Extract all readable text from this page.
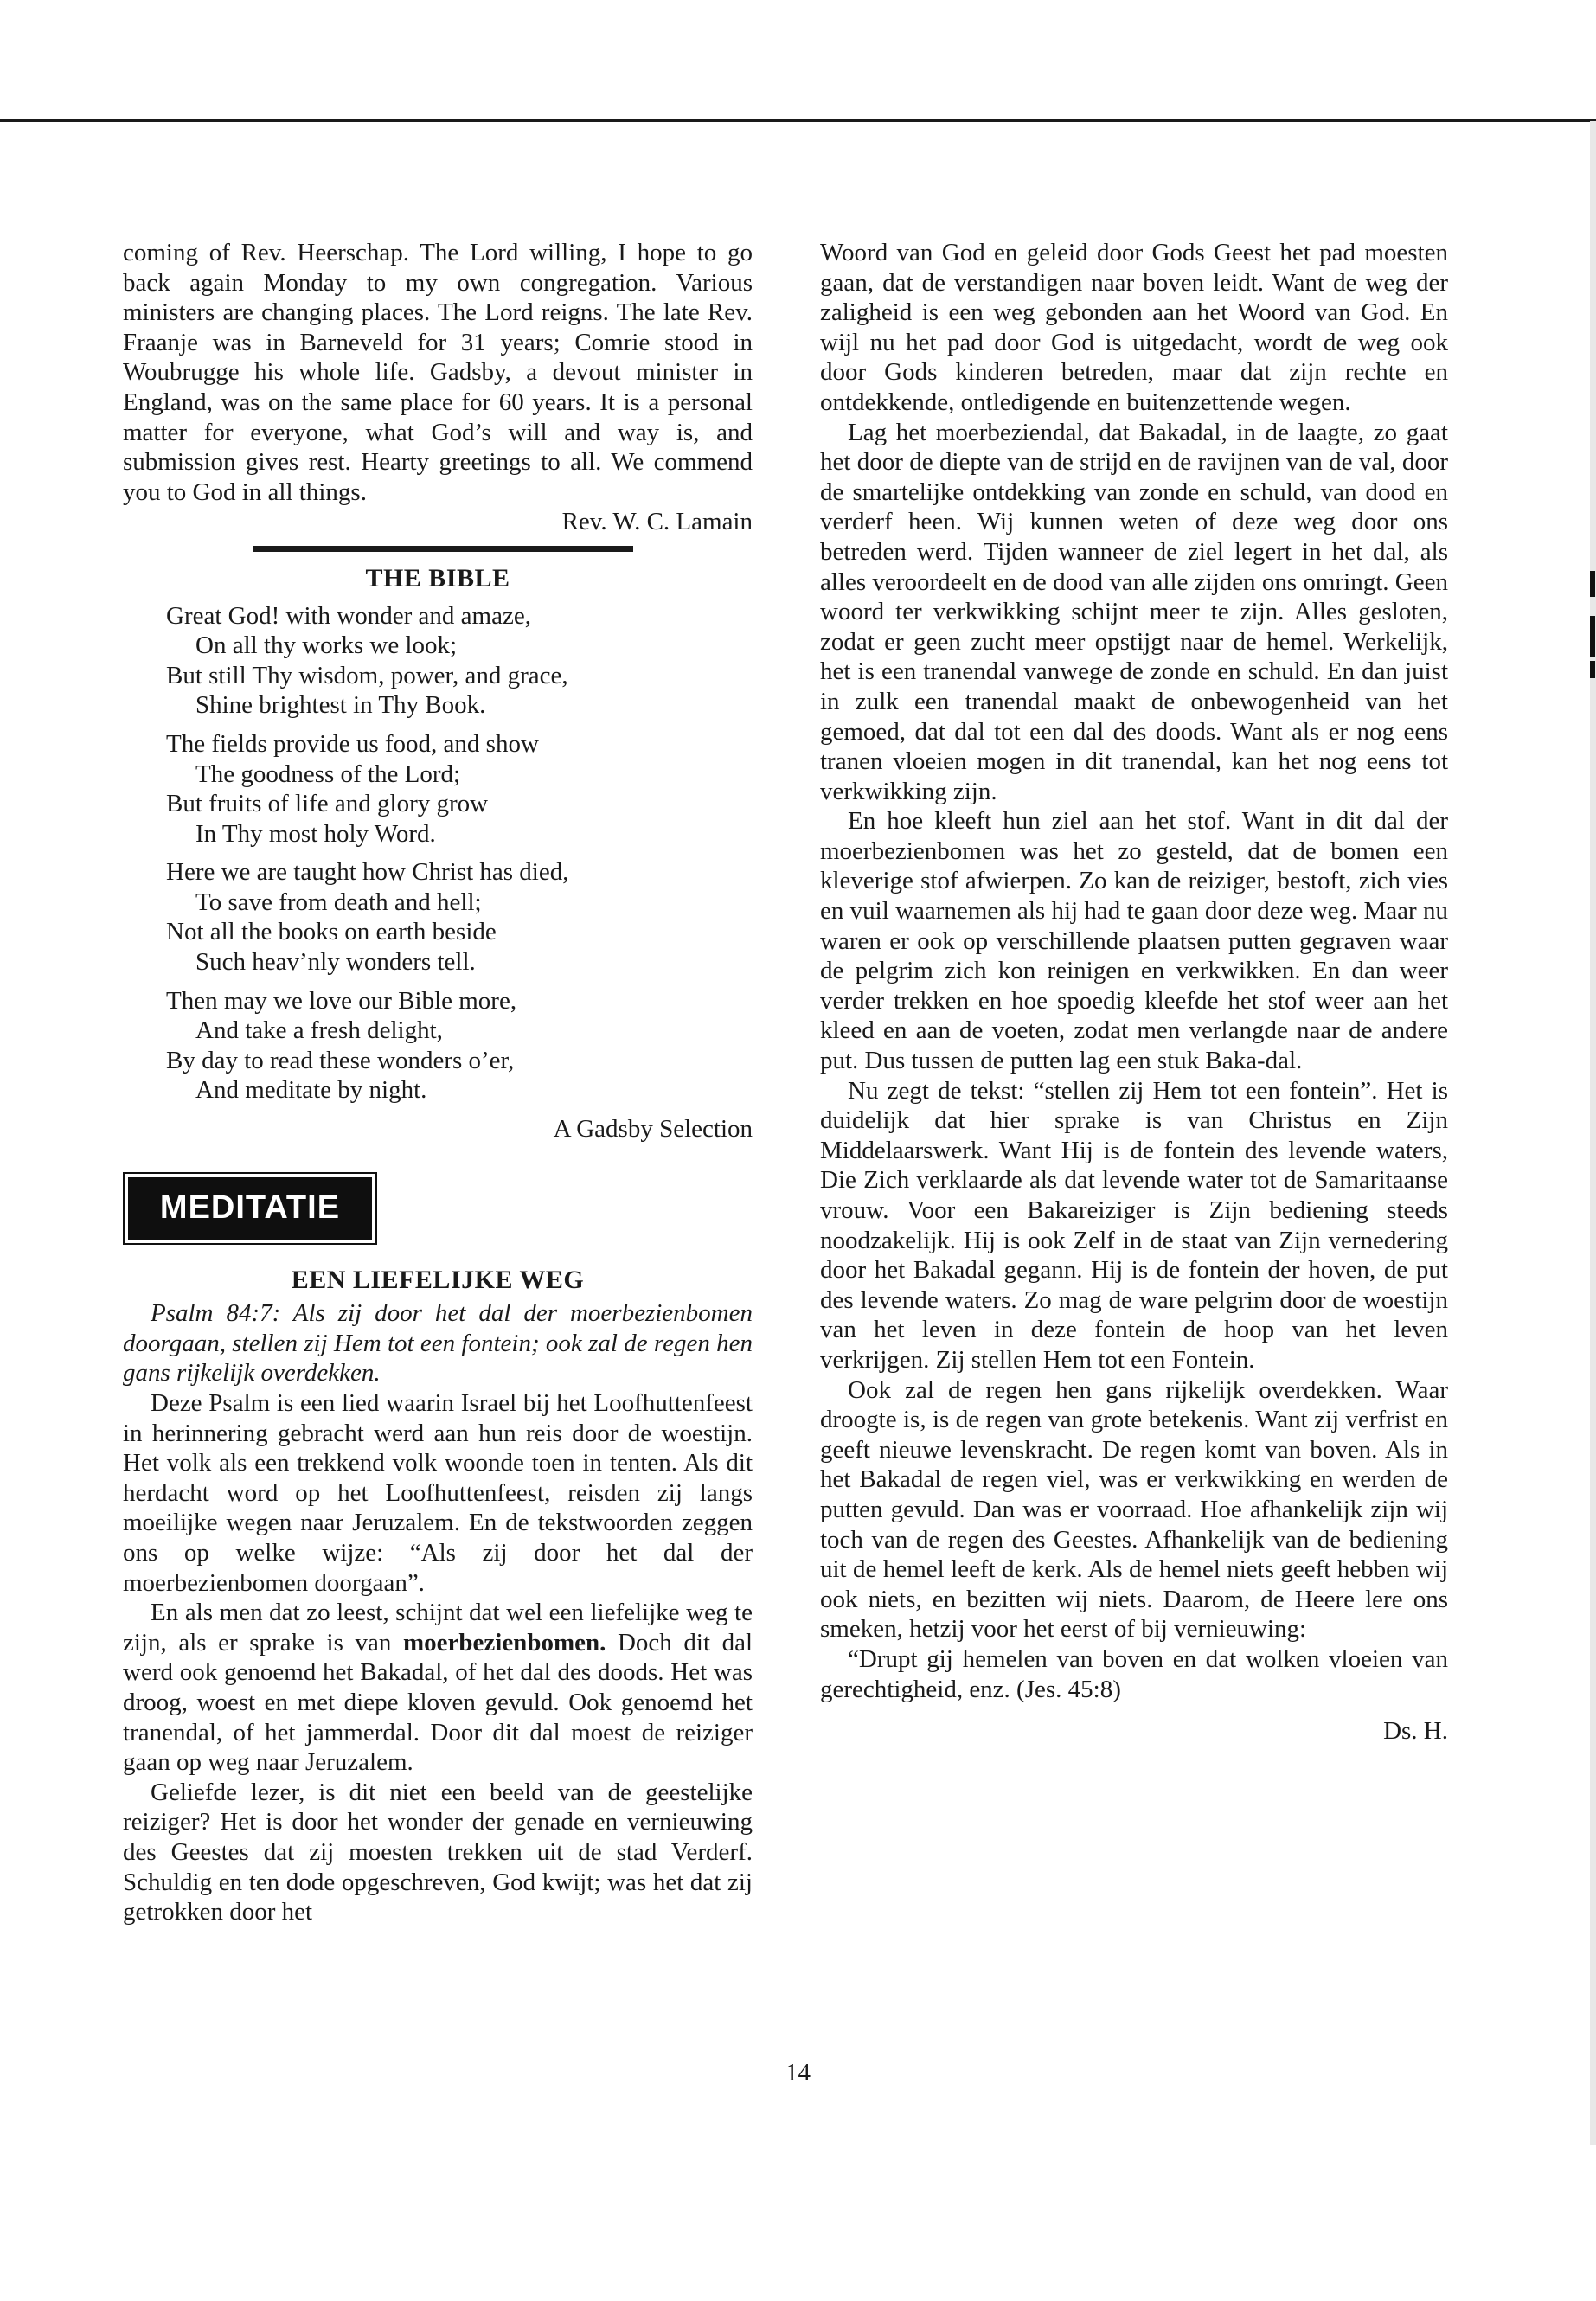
coming of Rev. Heerschap. The Lord willing, I hope to go back again Monday to my own congregation. Various ministers are changing places. The Lord reigns. The late Rev. Fraanje was in Barneveld for 31 years; Comrie stood in Woubrugge his whole life. Gadsby, a devout minister in England, was on the same place for 60 years. It is a personal matter for everyone, what God’s will and way is, and submission gives rest. Hearty greetings to all. We commend you to God in all things.

Rev. W. C. Lamain

THE BIBLE
Great God! with wonder and amaze,
On all thy works we look;
But still Thy wisdom, power, and grace,
Shine brightest in Thy Book.
The fields provide us food, and show
The goodness of the Lord;
But fruits of life and glory grow
In Thy most holy Word.
Here we are taught how Christ has died,
To save from death and hell;
Not all the books on earth beside
Such heav’nly wonders tell.
Then may we love our Bible more,
And take a fresh delight,
By day to read these wonders o’er,
And meditate by night.

A Gadsby Selection

MEDITATIE
EEN LIEFELIJKE WEG

Psalm 84:7: Als zij door het dal der moerbezienbomen doorgaan, stellen zij Hem tot een fontein; ook zal de regen hen gans rijkelijk overdekken.

Deze Psalm is een lied waarin Israel bij het Loofhuttenfeest in herinnering gebracht werd aan hun reis door de woestijn. Het volk als een trekkend volk woonde toen in tenten. Als dit herdacht word op het Loofhuttenfeest, reisden zij langs moeilijke wegen naar Jeruzalem. En de tekstwoorden zeggen ons op welke wijze: “Als zij door het dal der moerbezienbomen doorgaan”.

En als men dat zo leest, schijnt dat wel een liefelijke weg te zijn, als er sprake is van moerbezienbomen. Doch dit dal werd ook genoemd het Bakadal, of het dal des doods. Het was droog, woest en met diepe kloven gevuld. Ook genoemd het tranendal, of het jammerdal. Door dit dal moest de reiziger gaan op weg naar Jeruzalem.

Geliefde lezer, is dit niet een beeld van de geestelijke reiziger? Het is door het wonder der genade en vernieuwing des Geestes dat zij moesten trekken uit de stad Verderf. Schuldig en ten dode opgeschreven, God kwijt; was het dat zij getrokken door het

Woord van God en geleid door Gods Geest het pad moesten gaan, dat de verstandigen naar boven leidt. Want de weg der zaligheid is een weg gebonden aan het Woord van God. En wijl nu het pad door God is uitgedacht, wordt de weg ook door Gods kinderen betreden, maar dat zijn rechte en ontdekkende, ontledigende en buitenzettende wegen.

Lag het moerbeziendal, dat Bakadal, in de laagte, zo gaat het door de diepte van de strijd en de ravijnen van de val, door de smartelijke ontdekking van zonde en schuld, van dood en verderf heen. Wij kunnen weten of deze weg door ons betreden werd. Tijden wanneer de ziel legert in het dal, als alles veroordeelt en de dood van alle zijden ons omringt. Geen woord ter verkwikking schijnt meer te zijn. Alles gesloten, zodat er geen zucht meer opstijgt naar de hemel. Werkelijk, het is een tranendal vanwege de zonde en schuld. En dan juist in zulk een tranendal maakt de onbewogenheid van het gemoed, dat dal tot een dal des doods. Want als er nog eens tranen vloeien mogen in dit tranendal, kan het nog eens tot verkwikking zijn.

En hoe kleeft hun ziel aan het stof. Want in dit dal der moerbezienbomen was het zo gesteld, dat de bomen een kleverige stof afwierpen. Zo kan de reiziger, bestoft, zich vies en vuil waarnemen als hij had te gaan door deze weg. Maar nu waren er ook op verschillende plaatsen putten gegraven waar de pelgrim zich kon reinigen en verkwikken. En dan weer verder trekken en hoe spoedig kleefde het stof weer aan het kleed en aan de voeten, zodat men verlangde naar de andere put. Dus tussen de putten lag een stuk Baka-dal.

Nu zegt de tekst: “stellen zij Hem tot een fontein”. Het is duidelijk dat hier sprake is van Christus en Zijn Middelaarswerk. Want Hij is de fontein des levende waters, Die Zich verklaarde als dat levende water tot de Samaritaanse vrouw. Voor een Bakareiziger is Zijn bediening steeds noodzakelijk. Hij is ook Zelf in de staat van Zijn vernedering door het Bakadal gegann. Hij is de fontein der hoven, de put des levende waters. Zo mag de ware pelgrim door de woestijn van het leven in deze fontein de hoop van het leven verkrijgen. Zij stellen Hem tot een Fontein.

Ook zal de regen hen gans rijkelijk overdekken. Waar droogte is, is de regen van grote betekenis. Want zij verfrist en geeft nieuwe levenskracht. De regen komt van boven. Als in het Bakadal de regen viel, was er verkwikking en werden de putten gevuld. Dan was er voorraad. Hoe afhankelijk zijn wij toch van de regen des Geestes. Afhankelijk van de bediening uit de hemel leeft de kerk. Als de hemel niets geeft hebben wij ook niets, en bezitten wij niets. Daarom, de Heere lere ons smeken, hetzij voor het eerst of bij vernieuwing:

“Drupt gij hemelen van boven en dat wolken vloeien van gerechtigheid, enz. (Jes. 45:8)

Ds. H.

14
